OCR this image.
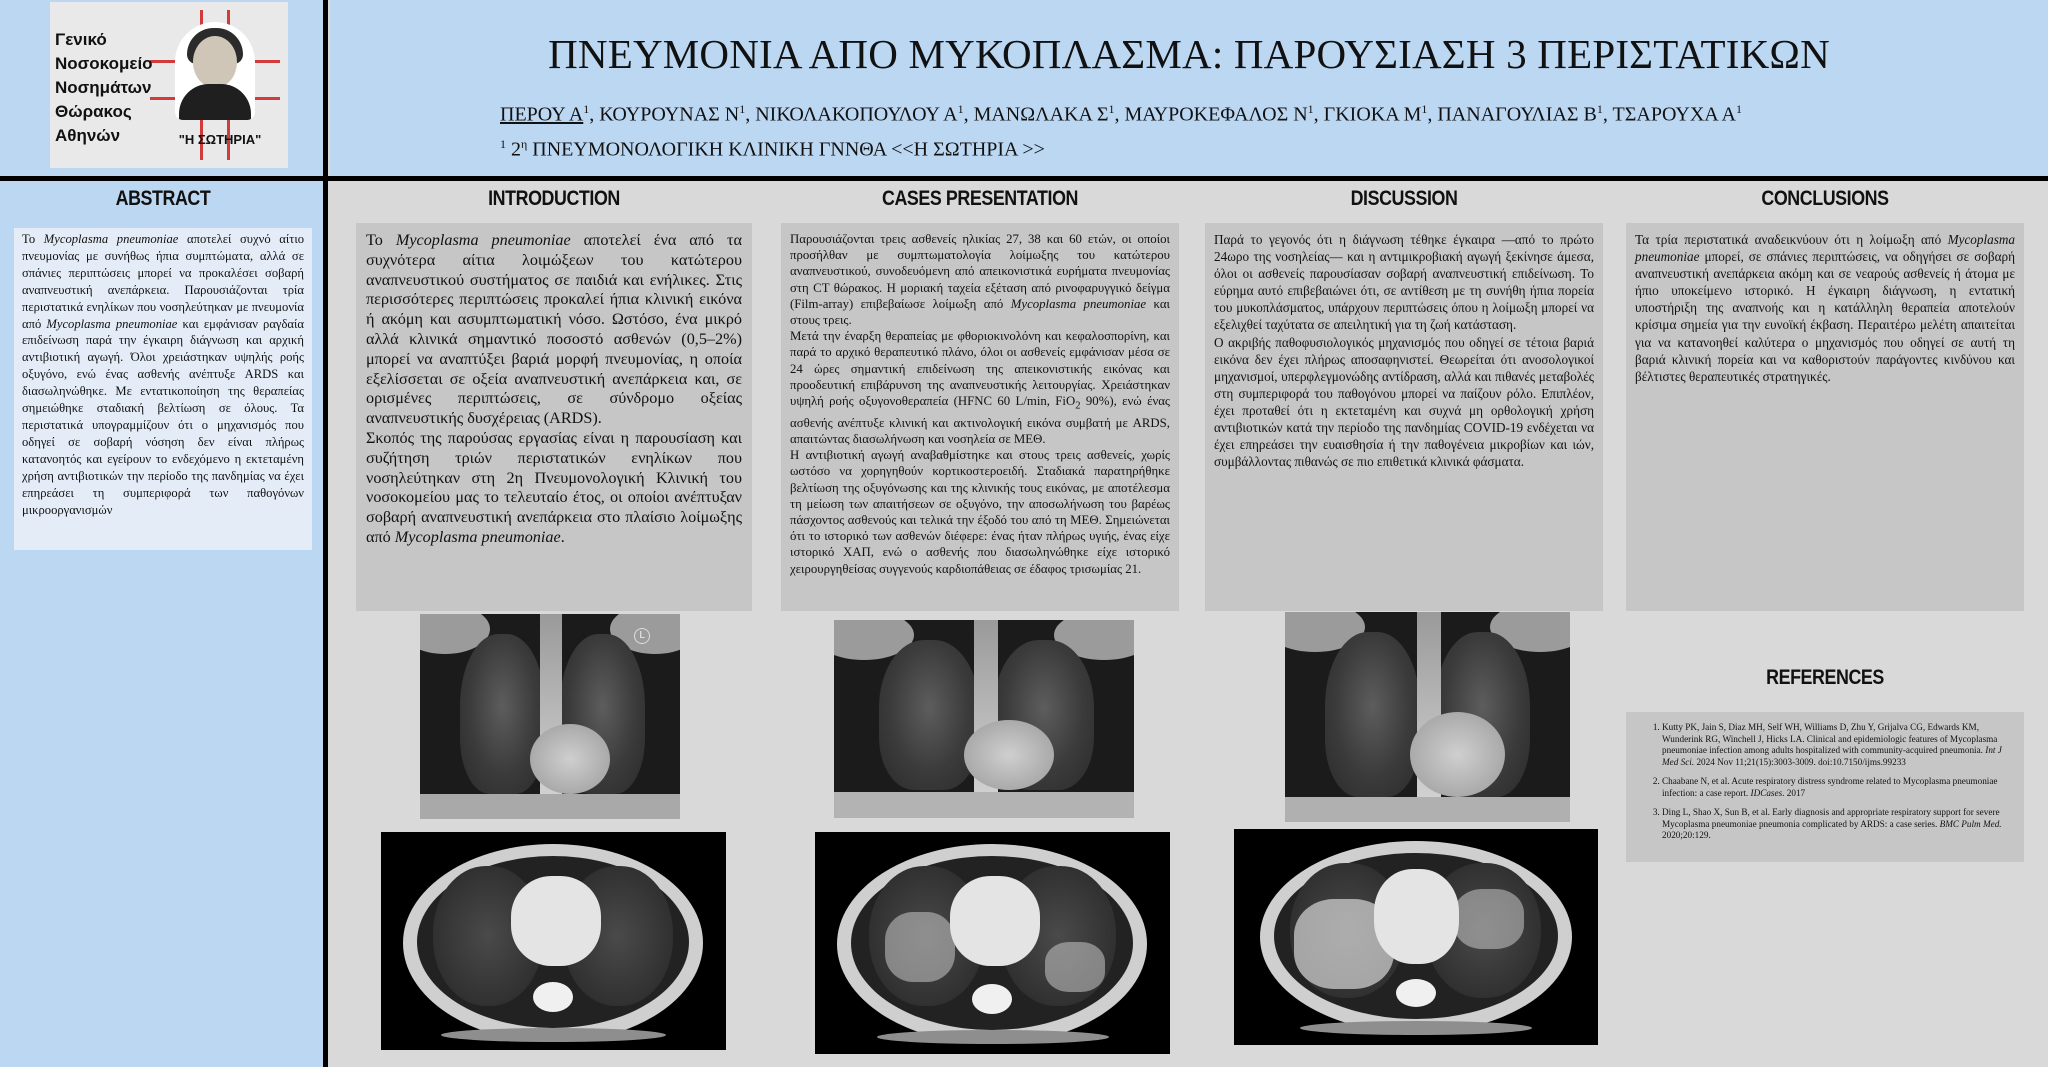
Γενικό
Νοσοκομείο
Νοσημάτων
Θώρακος
Αθηνών	"Η ΣΩΤΗΡΙΑ"
ΠΝΕΥΜΟΝΙΑ ΑΠΟ ΜΥΚΟΠΛΑΣΜΑ: ΠΑΡΟΥΣΙΑΣΗ 3 ΠΕΡΙΣΤΑΤΙΚΩΝ
ΠΕΡΟΥ $A^1$, ΚΟΥΡΟΥΝΑΣ $N^1$, ΝΙΚΟΛΑΚΟΠΟΥΛΟΥ $A^1$, ΜΑΝΩΛΑΚΑ $\Sigma^1$, ΜΑΥΡΟΚΕΦΑΛΟΣ $N^1$, ΓΚΙΟΚΑ $M^1$, ΠΑΝΑΓΟΥΛΙΑΣ $B^1$, ΤΣΑΡΟΥΧΑ $A^1$
$^1$ $2^\eta$ ΠΝΕΥΜΟΝΟΛΟΓΙΚΗ ΚΛΙΝΙΚΗ ΓΝΝΘΑ <<Η ΣΩΤΗΡΙΑ >>
ABSTRACT	INTRODUCTION	CASES PRESENTATION	DISCUSSION	CONCLUSIONS
REFERENCES
Το Mycoplasma pneumoniae αποτελεί συχνό αίτιο πνευμονίας με συνήθως ήπια συμπτώματα, αλλά σε σπάνιες περιπτώσεις μπορεί να προκαλέσει σοβαρή αναπνευστική ανεπάρκεια. Παρουσιάζονται τρία περιστατικά ενηλίκων που νοσηλεύτηκαν με πνευμονία από Mycoplasma pneumoniae και εμφάνισαν ραγδαία επιδείνωση παρά την έγκαιρη διάγνωση και αρχική αντιβιοτική αγωγή. Όλοι χρειάστηκαν υψηλής ροής οξυγόνο, ενώ ένας ασθενής ανέπτυξε ARDS και διασωληνώθηκε. Με εντατικοποίηση της θεραπείας σημειώθηκε σταδιακή βελτίωση σε όλους. Τα περιστατικά υπογραμμίζουν ότι ο μηχανισμός που οδηγεί σε σοβαρή νόσηση δεν είναι πλήρως κατανοητός και εγείρουν το ενδεχόμενο η εκτεταμένη χρήση αντιβιοτικών την περίοδο της πανδημίας να έχει επηρεάσει τη συμπεριφορά των παθογόνων μικροοργανισμών

Το Mycoplasma pneumoniae αποτελεί ένα από τα συχνότερα αίτια λοιμώξεων του κατώτερου αναπνευστικού συστήματος σε παιδιά και ενήλικες. Στις περισσότερες περιπτώσεις προκαλεί ήπια κλινική εικόνα ή ακόμη και ασυμπτωματική νόσο. Ωστόσο, ένα μικρό αλλά κλινικά σημαντικό ποσοστό ασθενών (0,5–2%) μπορεί να αναπτύξει βαριά μορφή πνευμονίας, η οποία εξελίσσεται σε οξεία αναπνευστική ανεπάρκεια και, σε ορισμένες περιπτώσεις, σε σύνδρομο οξείας αναπνευστικής δυσχέρειας (ARDS).

Σκοπός της παρούσας εργασίας είναι η παρουσίαση και συζήτηση τριών περιστατικών ενηλίκων που νοσηλεύτηκαν στη 2η Πνευμονολογική Κλινική του νοσοκομείου μας το τελευταίο έτος, οι οποίοι ανέπτυξαν σοβαρή αναπνευστική ανεπάρκεια στο πλαίσιο λοίμωξης από Mycoplasma pneumoniae.

Παρουσιάζονται τρεις ασθενείς ηλικίας 27, 38 και 60 ετών, οι οποίοι προσήλθαν με συμπτωματολογία λοίμωξης του κατώτερου αναπνευστικού, συνοδευόμενη από απεικονιστικά ευρήματα πνευμονίας στη CT θώρακος. Η μοριακή ταχεία εξέταση από ρινοφαρυγγικό δείγμα (Film-array) επιβεβαίωσε λοίμωξη από Mycoplasma pneumoniae και στους τρεις.

Μετά την έναρξη θεραπείας με φθοριοκινολόνη και κεφαλοσπορίνη, και παρά το αρχικό θεραπευτικό πλάνο, όλοι οι ασθενείς εμφάνισαν μέσα σε 24 ώρες σημαντική επιδείνωση της απεικονιστικής εικόνας και προοδευτική επιβάρυνση της αναπνευστικής λειτουργίας. Χρειάστηκαν υψηλή ροής οξυγονοθεραπεία (HFNC 60 L/min, FiO$_2$ 90%), ενώ ένας ασθενής ανέπτυξε κλινική και ακτινολογική εικόνα συμβατή με ARDS, απαιτώντας διασωλήνωση και νοσηλεία σε ΜΕΘ.

Η αντιβιοτική αγωγή αναβαθμίστηκε και στους τρεις ασθενείς, χωρίς ωστόσο να χορηγηθούν κορτικοστεροειδή. Σταδιακά παρατηρήθηκε βελτίωση της οξυγόνωσης και της κλινικής τους εικόνας, με αποτέλεσμα τη μείωση των απαιτήσεων σε οξυγόνο, την αποσωλήνωση του βαρέως πάσχοντος ασθενούς και τελικά την έξοδό του από τη ΜΕΘ. Σημειώνεται ότι το ιστορικό των ασθενών διέφερε: ένας ήταν πλήρως υγιής, ένας είχε ιστορικό ΧΑΠ, ενώ ο ασθενής που διασωληνώθηκε είχε ιστορικό χειρουργηθείσας συγγενούς καρδιοπάθειας σε έδαφος τρισωμίας 21.

Παρά το γεγονός ότι η διάγνωση τέθηκε έγκαιρα —από το πρώτο 24ωρο της νοσηλείας— και η αντιμικροβιακή αγωγή ξεκίνησε άμεσα, όλοι οι ασθενείς παρουσίασαν σοβαρή αναπνευστική επιδείνωση. Το εύρημα αυτό επιβεβαιώνει ότι, σε αντίθεση με τη συνήθη ήπια πορεία του μυκοπλάσματος, υπάρχουν περιπτώσεις όπου η λοίμωξη μπορεί να εξελιχθεί ταχύτατα σε απειλητική για τη ζωή κατάσταση.

Ο ακριβής παθοφυσιολογικός μηχανισμός που οδηγεί σε τέτοια βαριά εικόνα δεν έχει πλήρως αποσαφηνιστεί. Θεωρείται ότι ανοσολογικοί μηχανισμοί, υπερφλεγμονώδης αντίδραση, αλλά και πιθανές μεταβολές στη συμπεριφορά του παθογόνου μπορεί να παίζουν ρόλο. Επιπλέον, έχει προταθεί ότι η εκτεταμένη και συχνά μη ορθολογική χρήση αντιβιοτικών κατά την περίοδο της πανδημίας COVID-19 ενδέχεται να έχει επηρεάσει την ευαισθησία ή την παθογένεια μικροβίων και ιών, συμβάλλοντας πιθανώς σε πιο επιθετικά κλινικά φάσματα.

Τα τρία περιστατικά αναδεικνύουν ότι η λοίμωξη από Mycoplasma pneumoniae μπορεί, σε σπάνιες περιπτώσεις, να οδηγήσει σε σοβαρή αναπνευστική ανεπάρκεια ακόμη και σε νεαρούς ασθενείς ή άτομα με ήπιο υποκείμενο ιστορικό. Η έγκαιρη διάγνωση, η εντατική υποστήριξη της αναπνοής και η κατάλληλη θεραπεία αποτελούν κρίσιμα σημεία για την ευνοϊκή έκβαση. Περαιτέρω μελέτη απαιτείται για να κατανοηθεί καλύτερα ο μηχανισμός που οδηγεί σε αυτή τη βαριά κλινική πορεία και να καθοριστούν παράγοντες κινδύνου και βέλτιστες θεραπευτικές στρατηγικές.
1. Kutty PK, Jain S, Diaz MH, Self WH, Williams D, Zhu Y, Grijalva CG, Edwards KM, Wunderink RG, Winchell J, Hicks LA. Clinical and epidemiologic features of Mycoplasma pneumoniae infection among adults hospitalized with community-acquired pneumonia. Int J Med Sci. 2024 Nov 11;21(15):3003-3009. doi:10.7150/ijms.99233
2. Chaabane N, et al. Acute respiratory distress syndrome related to Mycoplasma pneumoniae infection: a case report. IDCases. 2017
3. Ding L, Shao X, Sun B, et al. Early diagnosis and appropriate respiratory support for severe Mycoplasma pneumoniae pneumonia complicated by ARDS: a case series. BMC Pulm Med. 2020;20:129.
L
